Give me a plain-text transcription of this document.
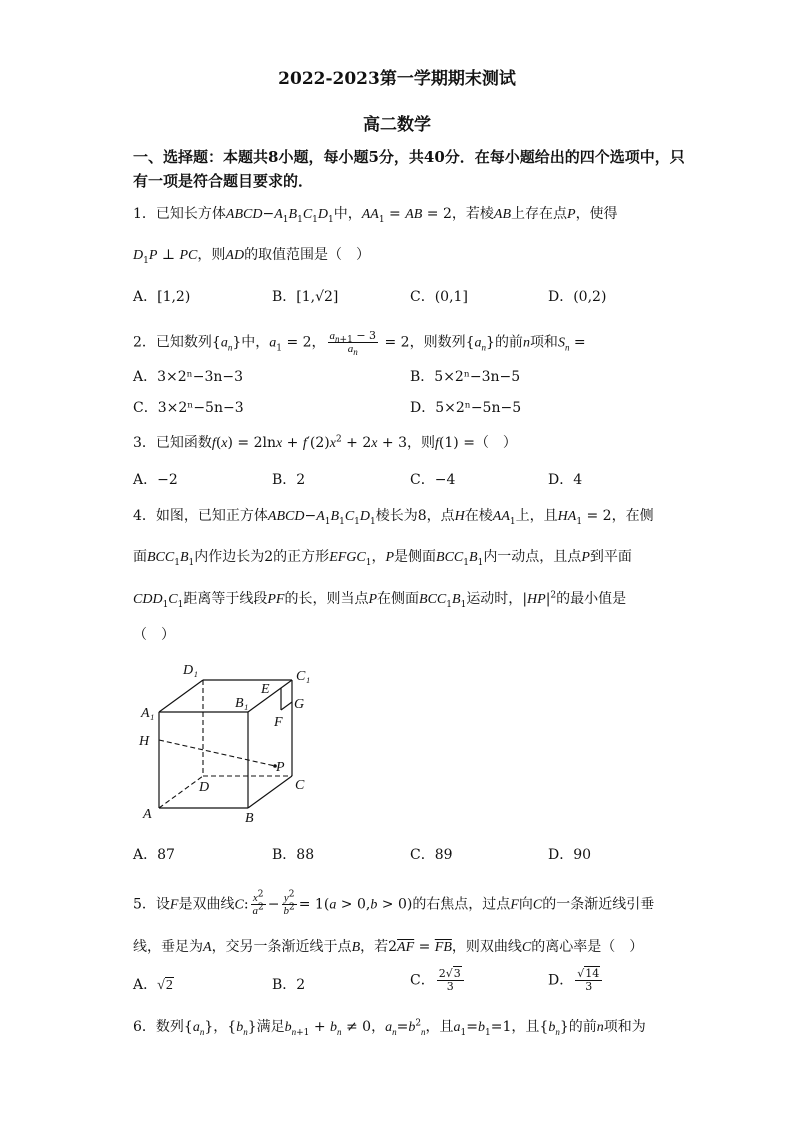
2022-2023第一学期期末测试
高二数学
一、选择题：本题共8小题，每小题5分，共40分．在每小题给出的四个选项中，只
有一项是符合题目要求的．
1．已知长方体$ABCD-A_1B_1C_1D_1$中，$AA_1$ = AB = 2，若棱AB上存在点P，使得
$D_1P$ ⊥ PC，则AD的取值范围是（　）
A．[1,2)	B．[1,√2]	C．(0,1]	D．(0,2)
2．已知数列$\{a_n\}$中，$a_1 = 2$， $\frac{a_{n+1} - 3}{a_n} = 2$，则数列$\{a_n\}$的前n项和$S_n$ =
A．3×2ⁿ−3n−3	B．5×2ⁿ−3n−5
C．3×2ⁿ−5n−3	D．5×2ⁿ−5n−5
3．已知函数$f(x) = 2\ln x + f'(2)x^2 + 2x + 3$，则f(1) =（　）
A．−2	B．2	C．−4	D．4
4．如图，已知正方体$ABCD-A_1B_1C_1D_1$棱长为8，点H在棱$AA_1$上，且$HA_1 = 2$，在侧
面$BCC_1B_1$内作边长为2的正方形$EFGC_1$，P是侧面$BCC_1B_1$内一动点，且点P到平面
$CDD_1C_1$距离等于线段PF的长，则当点P在侧面$BCC_1B_1$运动时，$|HP|^2$的最小值是
（　）
D₁	C₁
E
B₁	G
A₁
F
H
P
D	C
A	B
A．87	B．88	C．89	D．90
5．设F是双曲线C: $\frac{x^2}{a^2} - \frac{y^2}{b^2} = 1(a > 0,b > 0)$的右焦点，过点F向C的一条渐近线引垂
线，垂足为A，交另一条渐近线于点B，若$2\overline{AF} = \overline{FB}$，则双曲线C的离心率是（　）
A．√2	B．2	C． $\frac{2√3}{3}$	D． $\frac{√14}{3}$
6．数列$\{a_n\}$，$\{b_n\}$满足$b_{n+1} + b_n \ne 0$，$a_n=b^2_n$，且$a_1=b_1=1$，且$\{b_n\}$的前n项和为
